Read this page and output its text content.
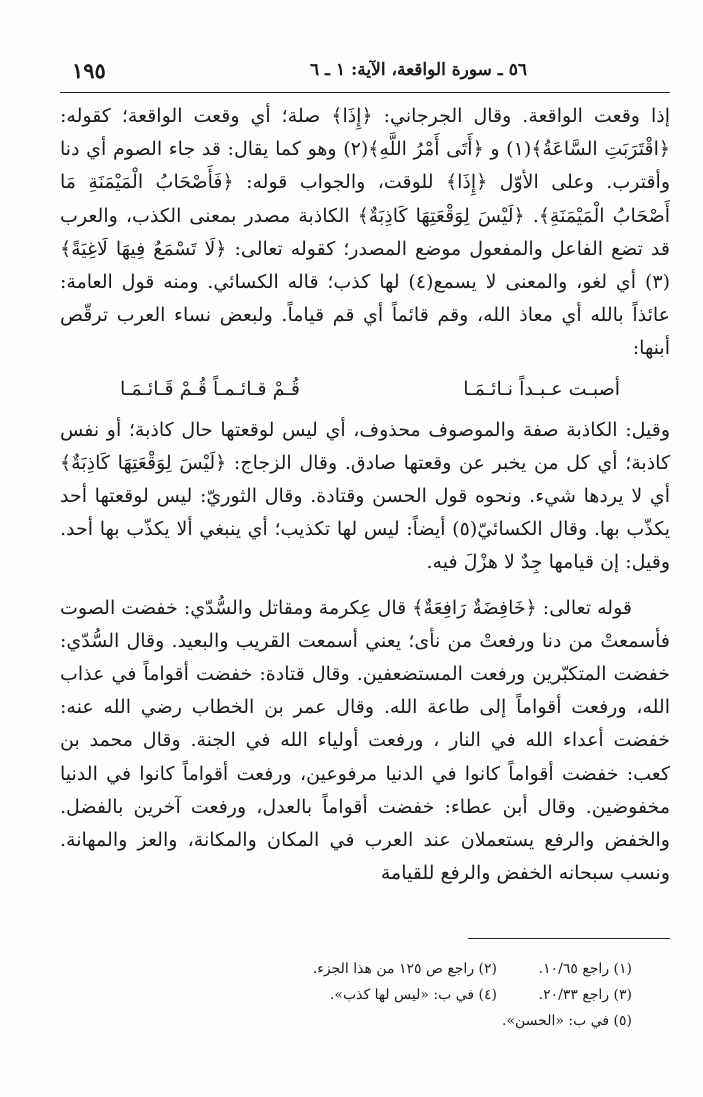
١٩٥	٥٦ ـ سورة الواقعة، الآية: ١ ـ ٦

إذا وقعت الواقعة. وقال الجرجاني: ﴿إِذَا﴾ صلة؛ أي وقعت الواقعة؛ كقوله: ﴿اقْتَرَبَتِ السَّاعَةُ﴾(١) و ﴿أَتَى أَمْرُ اللَّهِ﴾(٢) وهو كما يقال: قد جاء الصوم أي دنا وأقترب. وعلى الأوّل ﴿إِذَا﴾ للوقت، والجواب قوله: ﴿فَأَصْحَابُ الْمَيْمَنَةِ مَا أَصْحَابُ الْمَيْمَنَةِ﴾. ﴿لَيْسَ لِوَقْعَتِهَا كَاذِبَةٌ﴾ الكاذبة مصدر بمعنى الكذب، والعرب قد تضع الفاعل والمفعول موضع المصدر؛ كقوله تعالى: ﴿لَا تَسْمَعُ فِيهَا لَاغِيَةً﴾(٣) أي لغو، والمعنى لا يسمع(٤) لها كذب؛ قاله الكسائي. ومنه قول العامة: عائذاً بالله أي معاذ الله، وقم قائماً أي قم قياماً. ولبعض نساء العرب ترقّص أبنها:

أصبـت عـبـداً نـائـمَـا
قُـمْ قـائـمـاً قُـمْ قَـائـمَـا

وقيل: الكاذبة صفة والموصوف محذوف، أي ليس لوقعتها حال كاذبة؛ أو نفس كاذبة؛ أي كل من يخبر عن وقعتها صادق. وقال الزجاج: ﴿لَيْسَ لِوَقْعَتِهَا كَاذِبَةٌ﴾ أي لا يردها شيء. ونحوه قول الحسن وقتادة. وقال الثوريّ: ليس لوقعتها أحد يكذّب بها. وقال الكسائيّ(٥) أيضاً: ليس لها تكذيب؛ أي ينبغي ألا يكذّب بها أحد. وقيل: إن قيامها جِدٌ لا هزْلَ فيه.

قوله تعالى: ﴿خَافِضَةٌ رَافِعَةٌ﴾ قال عِكرمة ومقاتل والسُّدّي: خفضت الصوت فأسمعتْ من دنا ورفعتْ من نأى؛ يعني أسمعت القريب والبعيد. وقال السُّدّي: خفضت المتكبّرين ورفعت المستضعفين. وقال قتادة: خفضت أقواماً في عذاب الله، ورفعت أقواماً إلى طاعة الله. وقال عمر بن الخطاب رضي الله عنه: خفضت أعداء الله في النار ، ورفعت أولياء الله في الجنة. وقال محمد بن كعب: خفضت أقواماً كانوا في الدنيا مرفوعين، ورفعت أقواماً كانوا في الدنيا مخفوضين. وقال أبن عطاء: خفضت أقواماً بالعدل، ورفعت آخرين بالفضل. والخفض والرفع يستعملان عند العرب في المكان والمكانة، والعز والمهانة. ونسب سبحانه الخفض والرفع للقيامة

(١) راجع ١٠/٦٥.
(٢) راجع ص ١٢٥ من هذا الجزء.
(٣) راجع ٢٠/٣٣.
(٤) في ب: «ليس لها كذب».
(٥) في ب: «الحسن».
